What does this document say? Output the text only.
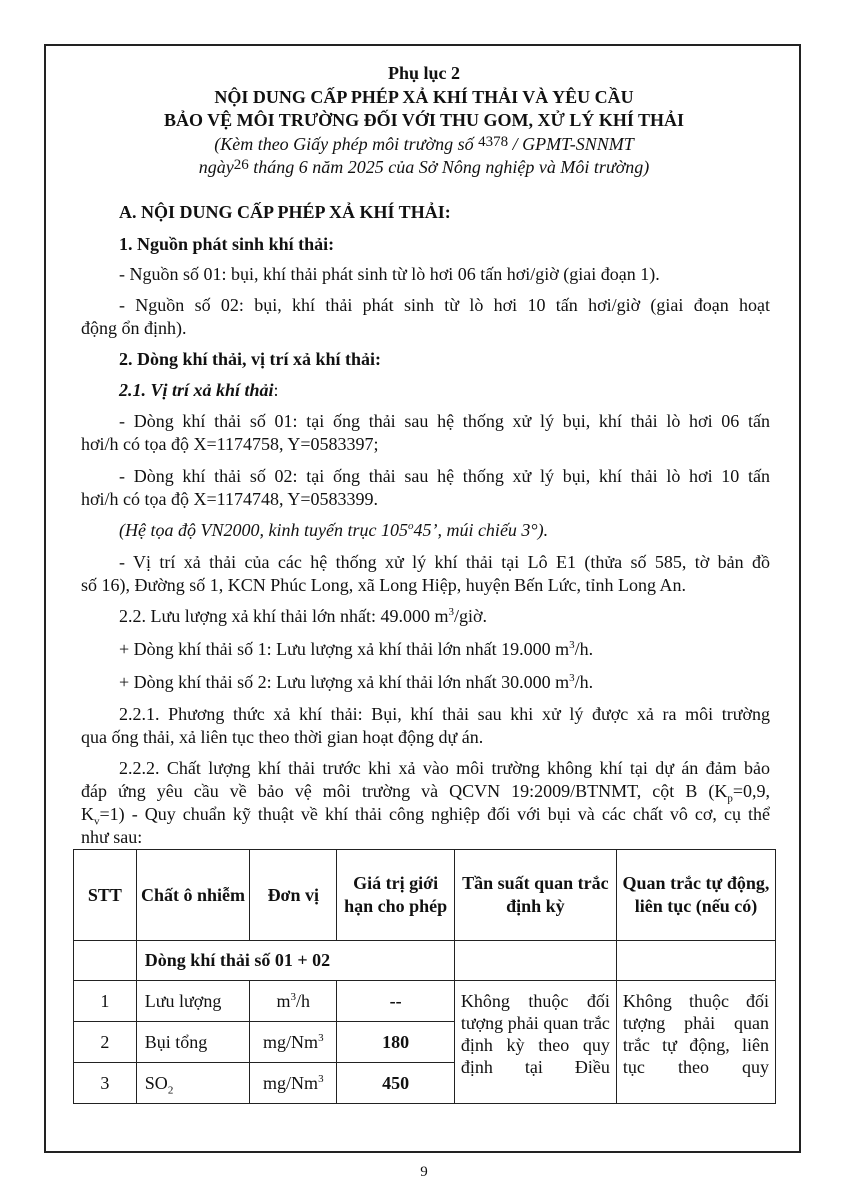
Phụ lục 2
NỘI DUNG CẤP PHÉP XẢ KHÍ THẢI VÀ YÊU CẦU
BẢO VỆ MÔI TRƯỜNG ĐỐI VỚI THU GOM, XỬ LÝ KHÍ THẢI
(Kèm theo Giấy phép môi trường số $^{4378}$ / GPMT-SNNMT
ngày$^{26}$ tháng 6 năm 2025 của Sở Nông nghiệp và Môi trường)
A. NỘI DUNG CẤP PHÉP XẢ KHÍ THẢI:
1. Nguồn phát sinh khí thải:
- Nguồn số 01: bụi, khí thải phát sinh từ lò hơi 06 tấn hơi/giờ (giai đoạn 1).
- Nguồn số 02: bụi, khí thải phát sinh từ lò hơi 10 tấn hơi/giờ (giai đoạn hoạt
động ổn định).
2. Dòng khí thải, vị trí xả khí thải:
2.1. Vị trí xả khí thải:
- Dòng khí thải số 01: tại ống thải sau hệ thống xử lý bụi, khí thải lò hơi 06 tấn
hơi/h có tọa độ X=1174758, Y=0583397;
- Dòng khí thải số 02: tại ống thải sau hệ thống xử lý bụi, khí thải lò hơi 10 tấn
hơi/h có tọa độ X=1174748, Y=0583399.
(Hệ tọa độ VN2000, kinh tuyến trục 105$^o$45’, múi chiếu 3°).
- Vị trí xả thải của các hệ thống xử lý khí thải tại Lô E1 (thửa số 585, tờ bản đồ
số 16), Đường số 1, KCN Phúc Long, xã Long Hiệp, huyện Bến Lức, tỉnh Long An.
2.2. Lưu lượng xả khí thải lớn nhất: 49.000 $m^3$/giờ.
+ Dòng khí thải số 1: Lưu lượng xả khí thải lớn nhất 19.000 $m^3/h$.
+ Dòng khí thải số 2: Lưu lượng xả khí thải lớn nhất 30.000 $m^3/h$.
2.2.1. Phương thức xả khí thải: Bụi, khí thải sau khi xử lý được xả ra môi trường
qua ống thải, xả liên tục theo thời gian hoạt động dự án.
2.2.2. Chất lượng khí thải trước khi xả vào môi trường không khí tại dự án đảm bảo
đáp ứng yêu cầu về bảo vệ môi trường và QCVN 19:2009/BTNMT, cột B ($K_p=0,9$,
$K_v=1$) - Quy chuẩn kỹ thuật về khí thải công nghiệp đối với bụi và các chất vô cơ, cụ thể
như sau:
STT	Chất ô nhiễm	Đơn vị	Giá trị giới hạn cho phép	Tần suất quan trắc định kỳ	Quan trắc tự động, liên tục (nếu có)
	Dòng khí thải số 01 + 02				
1	Lưu lượng	$m^3/h$	--	Không thuộc đối tượng phải quan trắc định kỳ theo quy định tại Điều	Không thuộc đối tượng phải quan trắc tự động, liên tục theo quy
2	Bụi tổng	mg/Nm$^3$	180		
3	$SO_2$	mg/Nm$^3$	450		
9
